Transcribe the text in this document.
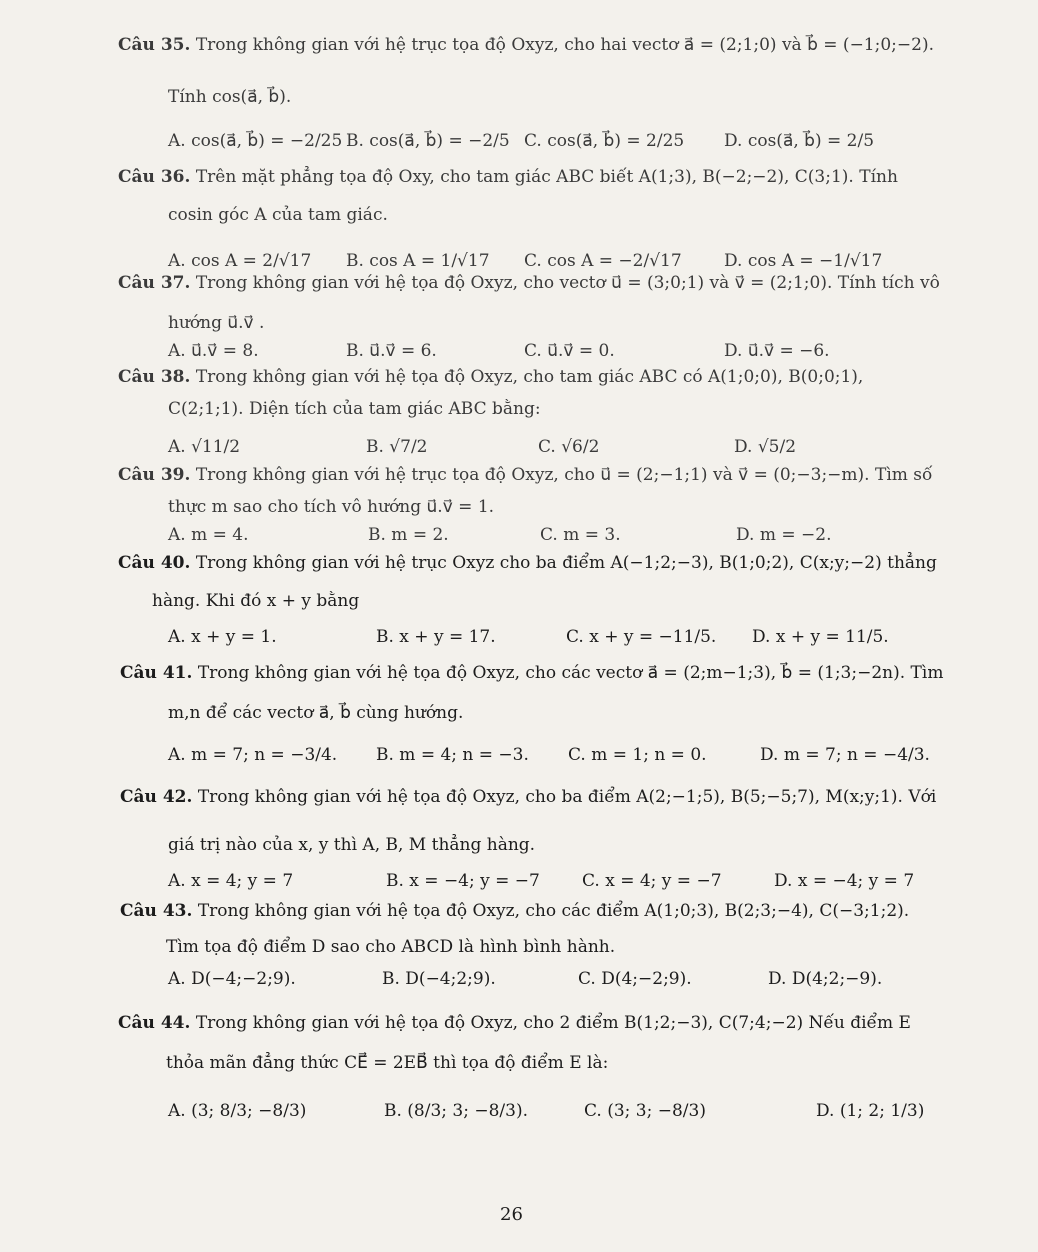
Câu 35. Trong không gian với hệ trục tọa độ Oxyz, cho hai vectơ a⃗ = (2;1;0) và b⃗ = (−1;0;−2).
Tính cos(a⃗, b⃗).
A. cos(a⃗, b⃗) = −2/25 B. cos(a⃗, b⃗) = −2/5 C. cos(a⃗, b⃗) = 2/25 D. cos(a⃗, b⃗) = 2/5
Câu 36. Trên mặt phẳng tọa độ Oxy, cho tam giác ABC biết A(1;3), B(−2;−2), C(3;1). Tính
cosin góc A của tam giác.
A. cos A = 2/√17 B. cos A = 1/√17 C. cos A = −2/√17 D. cos A = −1/√17
Câu 37. Trong không gian với hệ tọa độ Oxyz, cho vectơ u⃗ = (3;0;1) và v⃗ = (2;1;0). Tính tích vô
hướng u⃗.v⃗ .
A. u⃗.v⃗ = 8.	B. u⃗.v⃗ = 6.	C. u⃗.v⃗ = 0.	D. u⃗.v⃗ = −6.
Câu 38. Trong không gian với hệ tọa độ Oxyz, cho tam giác ABC có A(1;0;0), B(0;0;1),
C(2;1;1). Diện tích của tam giác ABC bằng:
A. √11/2	B. √7/2	C. √6/2	D. √5/2
Câu 39. Trong không gian với hệ trục tọa độ Oxyz, cho u⃗ = (2;−1;1) và v⃗ = (0;−3;−m). Tìm số
thực m sao cho tích vô hướng u⃗.v⃗ = 1.
A. m = 4.	B. m = 2.	C. m = 3.	D. m = −2.
Câu 40. Trong không gian với hệ trục Oxyz cho ba điểm A(−1;2;−3), B(1;0;2), C(x;y;−2) thẳng
hàng. Khi đó x + y bằng
A. x + y = 1.	B. x + y = 17.	C. x + y = −11/5. D. x + y = 11/5.
Câu 41. Trong không gian với hệ tọa độ Oxyz, cho các vectơ a⃗ = (2;m−1;3), b⃗ = (1;3;−2n). Tìm
m,n để các vectơ a⃗, b⃗ cùng hướng.
A. m = 7; n = −3/4. B. m = 4; n = −3. C. m = 1; n = 0.	D. m = 7; n = −4/3.
Câu 42. Trong không gian với hệ tọa độ Oxyz, cho ba điểm A(2;−1;5), B(5;−5;7), M(x;y;1). Với
giá trị nào của x, y thì A, B, M thẳng hàng.
A. x = 4; y = 7	B. x = −4; y = −7 C. x = 4; y = −7	D. x = −4; y = 7
Câu 43. Trong không gian với hệ tọa độ Oxyz, cho các điểm A(1;0;3), B(2;3;−4), C(−3;1;2).
Tìm tọa độ điểm D sao cho ABCD là hình bình hành.
A. D(−4;−2;9).	B. D(−4;2;9).	C. D(4;−2;9).	D. D(4;2;−9).
Câu 44. Trong không gian với hệ tọa độ Oxyz, cho 2 điểm B(1;2;−3), C(7;4;−2) Nếu điểm E
thỏa mãn đẳng thức CE⃗ = 2EB⃗ thì tọa độ điểm E là:
A. (3; 8/3; −8/3)	B. (8/3; 3; −8/3).	C. (3; 3; −8/3)	D. (1; 2; 1/3)
26
